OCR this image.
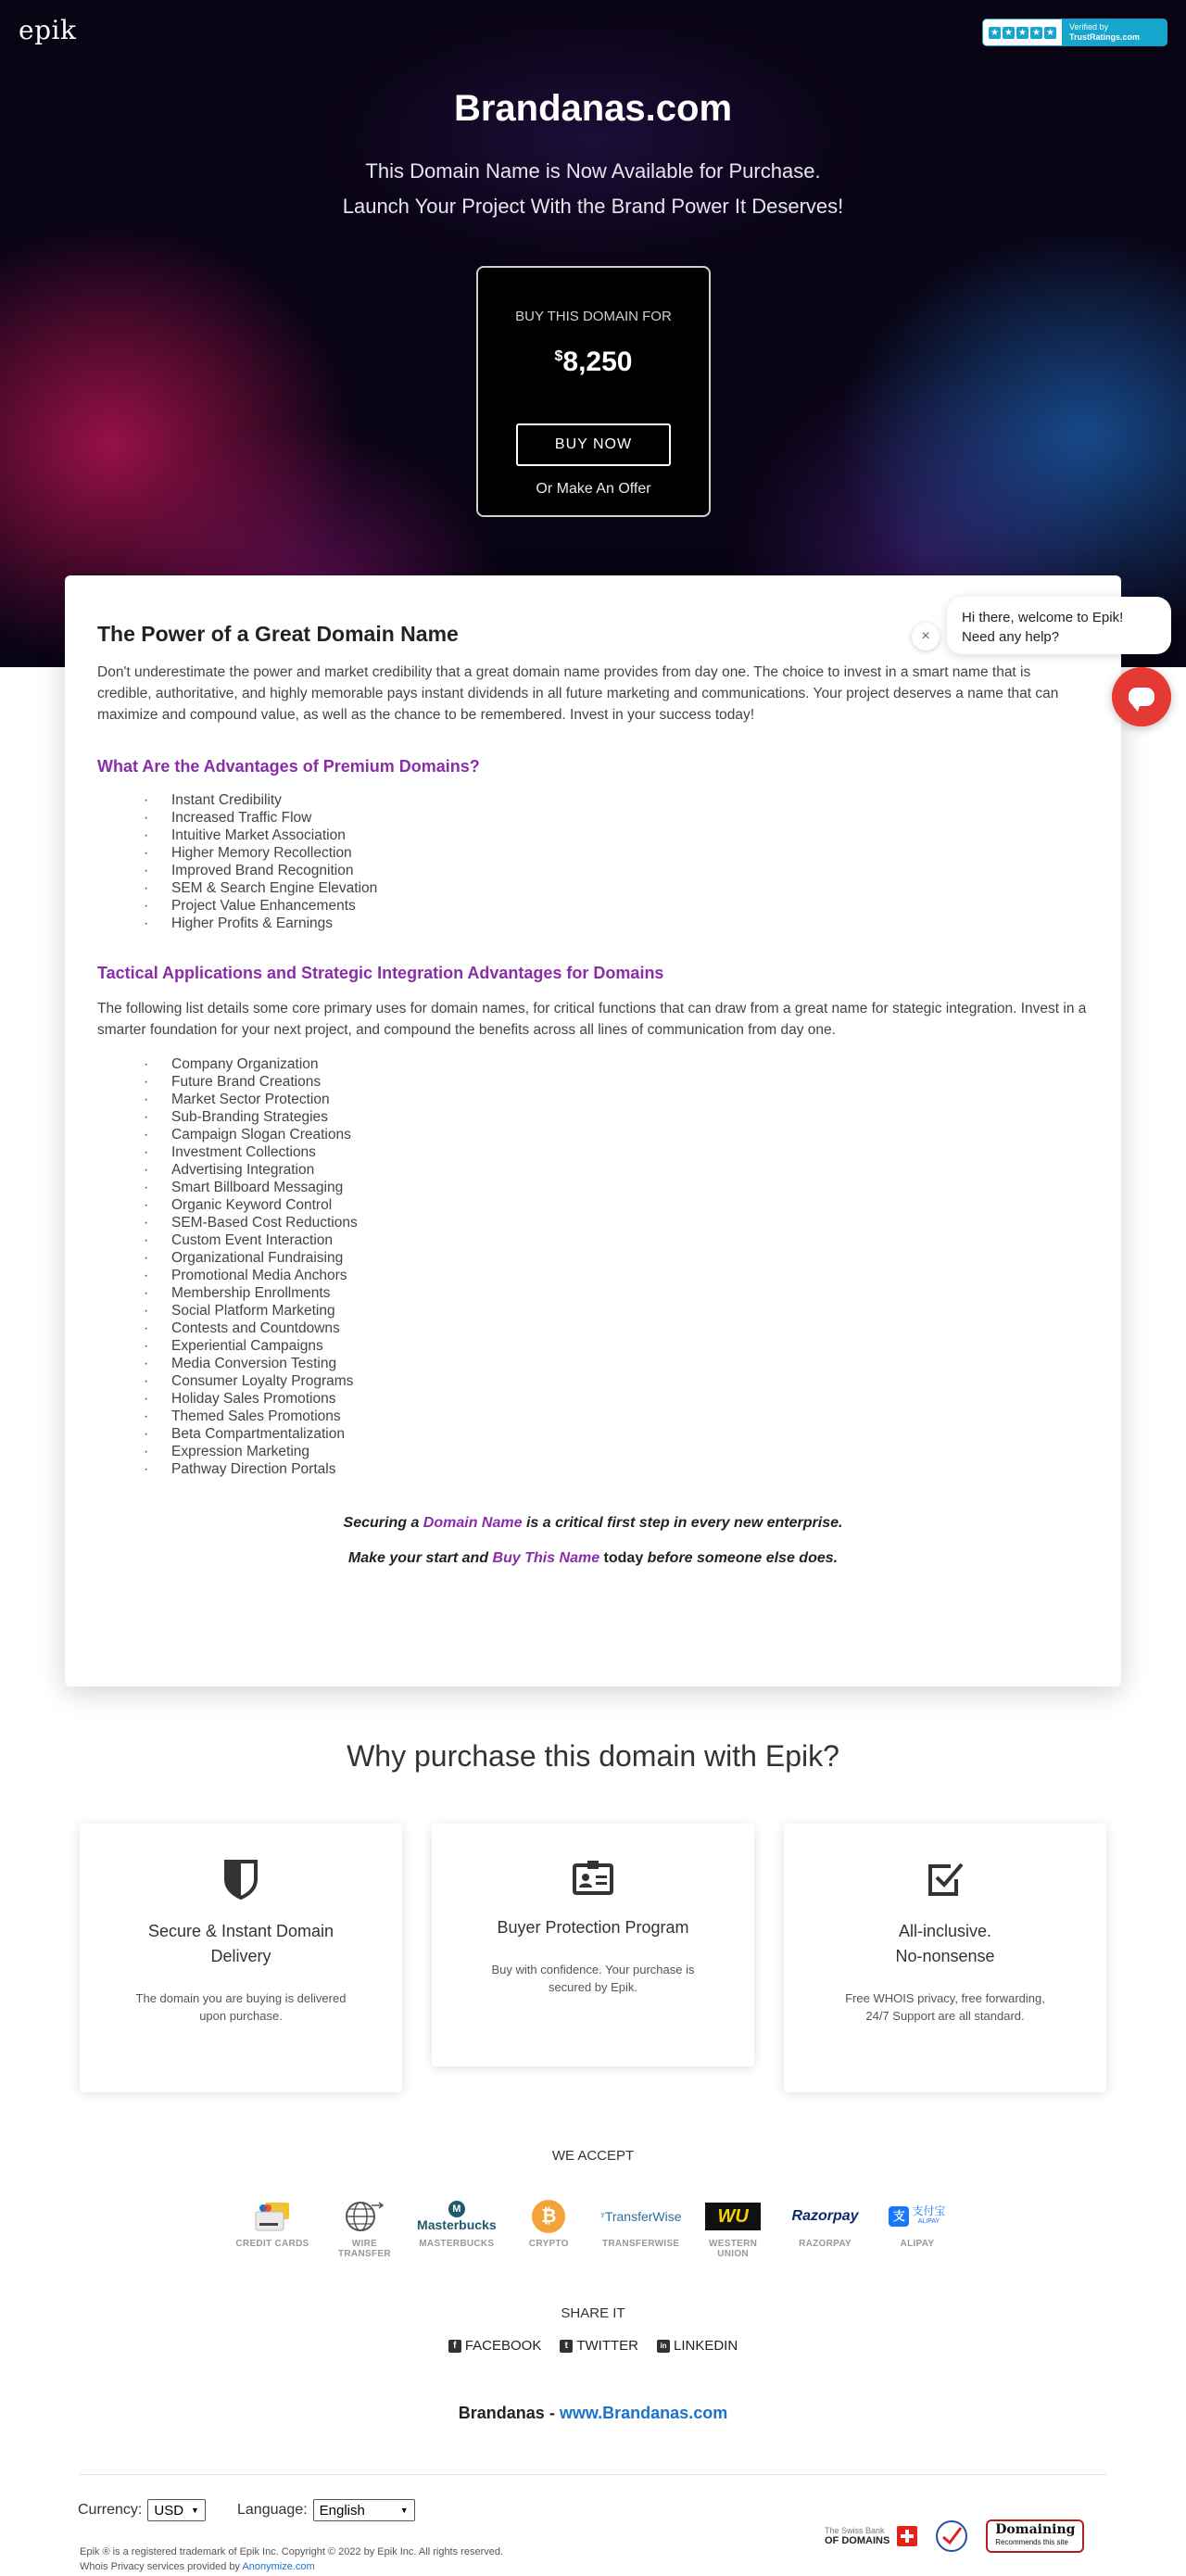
epik	★ ★ ★ ★ ★
Verified by
TrustRatings.com
Brandanas.com
This Domain Name is Now Available for Purchase.
Launch Your Project With the Brand Power It Deserves!
BUY THIS DOMAIN FOR
$8,250
BUY NOW
Or Make An Offer
The Power of a Great Domain Name

Don't underestimate the power and market credibility that a great domain name provides from day one. The choice to invest in a smart name that is credible, authoritative, and highly memorable pays instant dividends in all future marketing and communications. Your project deserves a name that can maximize and compound value, as well as the chance to be remembered. Invest in your success today!

What Are the Advantages of Premium Domains?
· Instant Credibility
· Increased Traffic Flow
· Intuitive Market Association
· Higher Memory Recollection
· Improved Brand Recognition
· SEM & Search Engine Elevation
· Project Value Enhancements
· Higher Profits & Earnings
Tactical Applications and Strategic Integration Advantages for Domains

The following list details some core primary uses for domain names, for critical functions that can draw from a great name for stategic integration. Invest in a smarter foundation for your next project, and compound the benefits across all lines of communication from day one.

· Company Organization
· Future Brand Creations
· Market Sector Protection
· Sub-Branding Strategies
· Campaign Slogan Creations
· Investment Collections
· Advertising Integration
· Smart Billboard Messaging
· Organic Keyword Control
· SEM-Based Cost Reductions
· Custom Event Interaction
· Organizational Fundraising
· Promotional Media Anchors
· Membership Enrollments
· Social Platform Marketing
· Contests and Countdowns
· Experiential Campaigns
· Media Conversion Testing
· Consumer Loyalty Programs
· Holiday Sales Promotions
· Themed Sales Promotions
· Beta Compartmentalization
· Expression Marketing
· Pathway Direction Portals

Securing a Domain Name is a critical first step in every new enterprise.

Make your start and Buy This Name today before someone else does.

×
Hi there, welcome to Epik!
Need any help?
Why purchase this domain with Epik?
Secure & Instant Domain
Delivery
The domain you are buying is delivered upon purchase.
Buyer Protection Program
Buy with confidence. Your purchase is secured by Epik.
All-inclusive.
No-nonsense
Free WHOIS privacy, free forwarding, 24/7 Support are all standard.
WE ACCEPT
CREDIT CARDS	WIRE TRANSFER
M
Masterbucks
MASTERBUCKS
₿
CRYPTO
⁷ TransferWise
TRANSFERWISE
WU
WESTERN UNION
Razorpay
RAZORPAY
支 支付宝
ALIPAY
ALIPAY
SHARE IT
f FACEBOOK	t TWITTER	in LINKEDIN
Brandanas - www.Brandanas.com
Currency: USD ▼	Language: English	▼
Epik ® is a registered trademark of Epik Inc. Copyright © 2022 by Epik Inc. All rights reserved.
Whois Privacy services provided by Anonymize.com
The Swiss Bank
OF DOMAINS
Domaining
Recommends this site
